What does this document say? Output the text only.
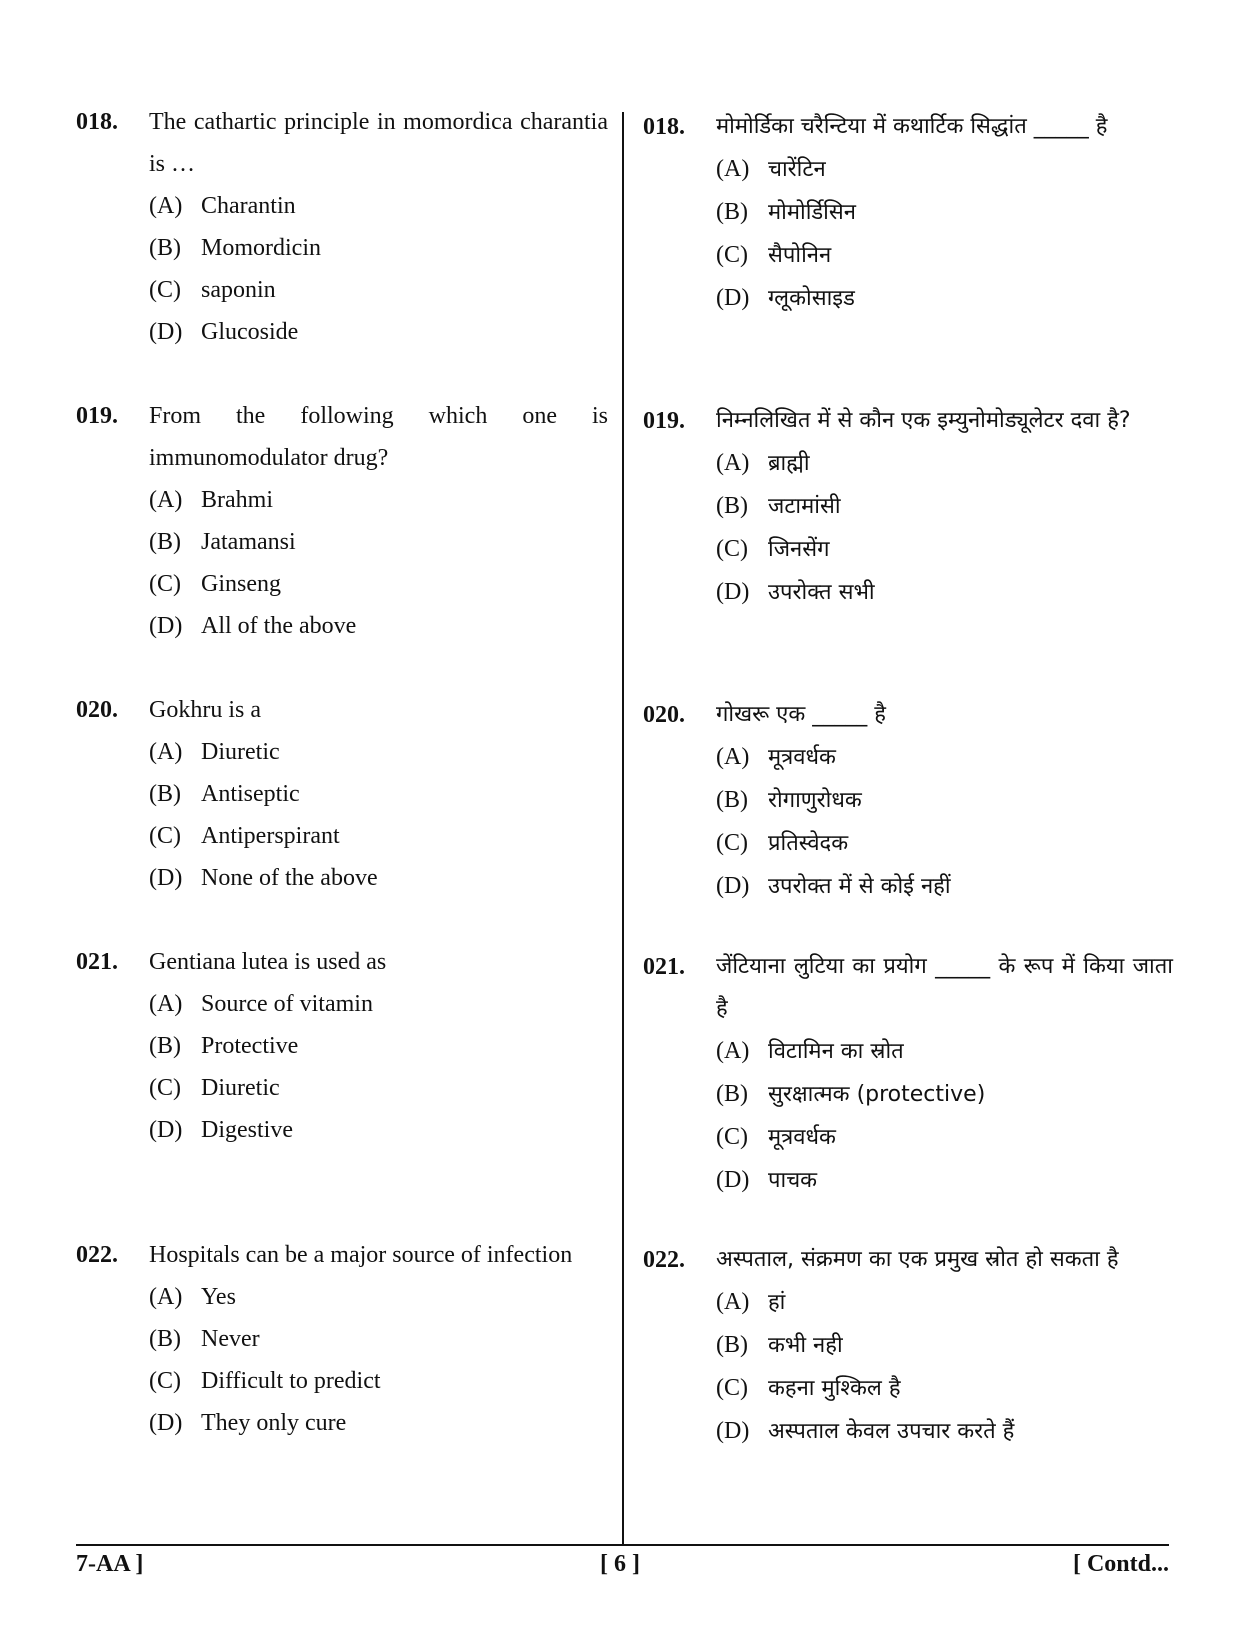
018. The cathartic principle in momordica charantia is …
(A) Charantin
(B) Momordicin
(C) saponin
(D) Glucoside
019. From the following which one is immunomodulator drug?
(A) Brahmi
(B) Jatamansi
(C) Ginseng
(D) All of the above
020. Gokhru is a
(A) Diuretic
(B) Antiseptic
(C) Antiperspirant
(D) None of the above
021. Gentiana lutea is used as
(A) Source of vitamin
(B) Protective
(C) Diuretic
(D) Digestive
022. Hospitals can be a major source of infection
(A) Yes
(B) Never
(C) Difficult to predict
(D) They only cure
018. मोमोर्डिका चरैन्टिया में कथार्टिक सिद्धांत _____ है
(A) चारेंटिन
(B) मोमोर्डिसिन
(C) सैपोनिन
(D) ग्लूकोसाइड
019. निम्नलिखित में से कौन एक इम्युनोमोड्यूलेटर दवा है?
(A) ब्राह्मी
(B) जटामांसी
(C) जिनसेंग
(D) उपरोक्त सभी
020. गोखरू एक _____ है
(A) मूत्रवर्धक
(B) रोगाणुरोधक
(C) प्रतिस्वेदक
(D) उपरोक्त में से कोई नहीं
021. जेंटियाना लुटिया का प्रयोग _____ के रूप में किया जाता है
(A) विटामिन का स्रोत
(B) सुरक्षात्मक (protective)
(C) मूत्रवर्धक
(D) पाचक
022. अस्पताल, संक्रमण का एक प्रमुख स्रोत हो सकता है
(A) हां
(B) कभी नही
(C) कहना मुश्किल है
(D) अस्पताल केवल उपचार करते हैं
7-AA ]	[ 6 ]	[ Contd...
